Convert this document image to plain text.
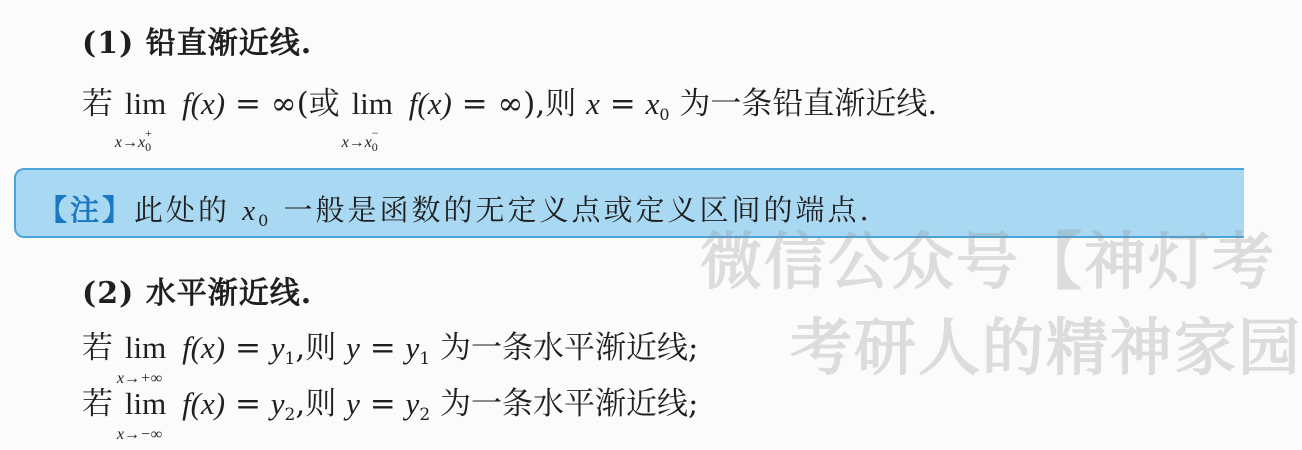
(1) 铅直渐近线.
若 lim
$x\to x_0^+$
f(x) = ∞(或 lim
$x\to x_0^-$
f(x) = ∞),则 x = x0 为一条铅直渐近线.
【注】此处的 $x_0$ 一般是函数的无定义点或定义区间的端点.
微信公众号【神灯考
考研人的精神家园
(2) 水平渐近线.
若 lim
x→+∞
f(x) = y1,则 y = y1 为一条水平渐近线;
若 lim
x→−∞
f(x) = y2,则 y = y2 为一条水平渐近线;
